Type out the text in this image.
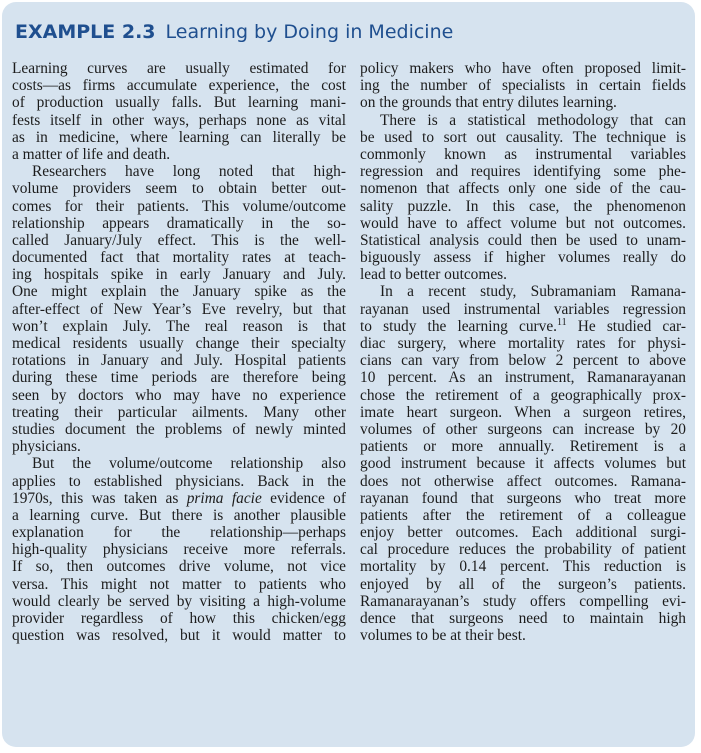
EXAMPLE 2.3 Learning by Doing in Medicine
Learning curves are usually estimated for
costs—as firms accumulate experience, the cost
of production usually falls. But learning mani-
fests itself in other ways, perhaps none as vital
as in medicine, where learning can literally be
a matter of life and death.
Researchers have long noted that high-
volume providers seem to obtain better out-
comes for their patients. This volume/outcome
relationship appears dramatically in the so-
called January/July effect. This is the well-
documented fact that mortality rates at teach-
ing hospitals spike in early January and July.
One might explain the January spike as the
after-effect of New Year’s Eve revelry, but that
won’t explain July. The real reason is that
medical residents usually change their specialty
rotations in January and July. Hospital patients
during these time periods are therefore being
seen by doctors who may have no experience
treating their particular ailments. Many other
studies document the problems of newly minted
physicians.
But the volume/outcome relationship also
applies to established physicians. Back in the
1970s, this was taken as prima facie evidence of
a learning curve. But there is another plausible
explanation for the relationship—perhaps
high-quality physicians receive more referrals.
If so, then outcomes drive volume, not vice
versa. This might not matter to patients who
would clearly be served by visiting a high-volume
provider regardless of how this chicken/egg
question was resolved, but it would matter to
policy makers who have often proposed limit-
ing the number of specialists in certain fields
on the grounds that entry dilutes learning.
There is a statistical methodology that can
be used to sort out causality. The technique is
commonly known as instrumental variables
regression and requires identifying some phe-
nomenon that affects only one side of the cau-
sality puzzle. In this case, the phenomenon
would have to affect volume but not outcomes.
Statistical analysis could then be used to unam-
biguously assess if higher volumes really do
lead to better outcomes.
In a recent study, Subramaniam Ramana-
rayanan used instrumental variables regression
to study the learning curve.$^{11}$ He studied car-
diac surgery, where mortality rates for physi-
cians can vary from below 2 percent to above
10 percent. As an instrument, Ramanarayanan
chose the retirement of a geographically prox-
imate heart surgeon. When a surgeon retires,
volumes of other surgeons can increase by 20
patients or more annually. Retirement is a
good instrument because it affects volumes but
does not otherwise affect outcomes. Ramana-
rayanan found that surgeons who treat more
patients after the retirement of a colleague
enjoy better outcomes. Each additional surgi-
cal procedure reduces the probability of patient
mortality by 0.14 percent. This reduction is
enjoyed by all of the surgeon’s patients.
Ramanarayanan’s study offers compelling evi-
dence that surgeons need to maintain high
volumes to be at their best.
